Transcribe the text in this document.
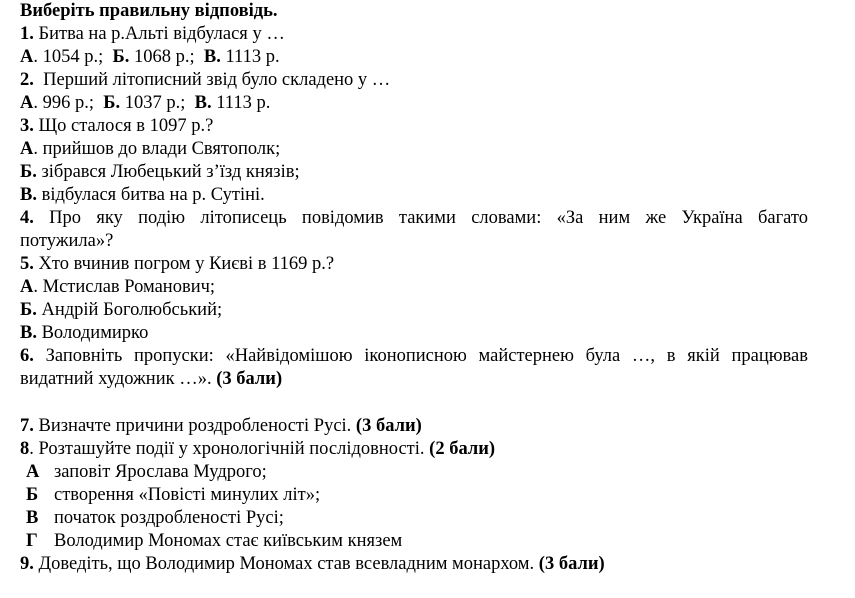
Виберіть правильну відповідь.
1. Битва на р.Альті відбулася у …
А. 1054 р.;  Б. 1068 р.;  В. 1113 р.
2.  Перший літописний звід було складено у …
А. 996 р.;  Б. 1037 р.;  В. 1113 р.
3. Що сталося в 1097 р.?
А. прийшов до влади Святополк;
Б. зібрався Любецький з’їзд князів;
В. відбулася битва на р. Сутіні.
4. Про яку подію літописець повідомив такими словами: «За ним же Україна багато
потужила»?
5. Хто вчинив погром у Києві в 1169 р.?
А. Мстислав Романович;
Б. Андрій Боголюбський;
В. Володимирко
6. Заповніть пропуски: «Найвідомішою іконописною майстернею була …, в якій працював
видатний художник …». (3 бали)
7. Визначте причини роздробленості Русі. (3 бали)
8. Розташуйте події у хронологічній послідовності. (2 бали)
А заповіт Ярослава Мудрого;
Б створення «Повісті минулих літ»;
В початок роздробленості Русі;
Г Володимир Мономах стає київським князем
9. Доведіть, що Володимир Мономах став всевладним монархом. (3 бали)
